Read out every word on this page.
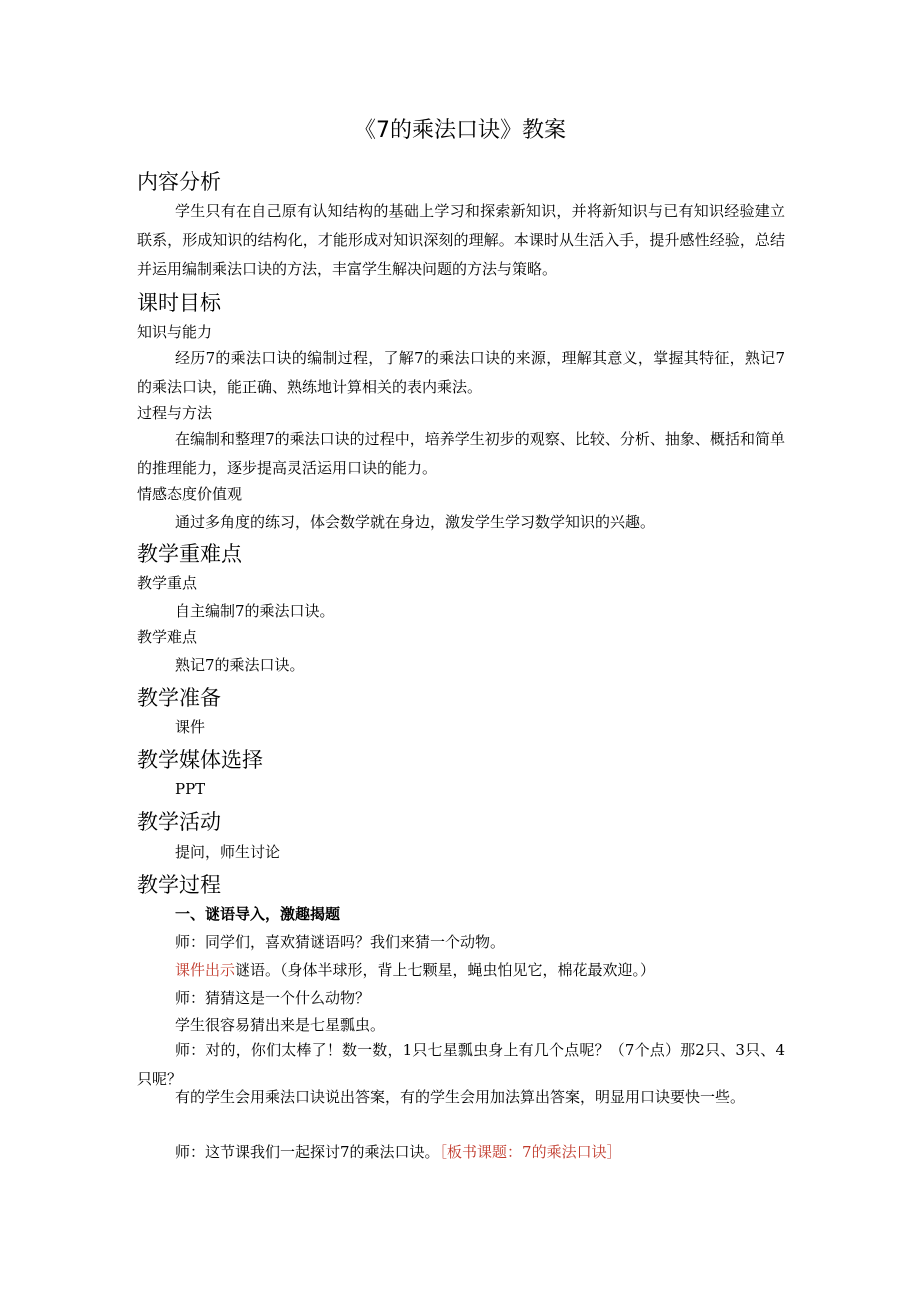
《7的乘法口诀》教案
内容分析
学生只有在自己原有认知结构的基础上学习和探索新知识，并将新知识与已有知识经验建立联系，形成知识的结构化，才能形成对知识深刻的理解。本课时从生活入手，提升感性经验，总结并运用编制乘法口诀的方法，丰富学生解决问题的方法与策略。
课时目标
知识与能力
经历7的乘法口诀的编制过程，了解7的乘法口诀的来源，理解其意义，掌握其特征，熟记7的乘法口诀，能正确、熟练地计算相关的表内乘法。
过程与方法
在编制和整理7的乘法口诀的过程中，培养学生初步的观察、比较、分析、抽象、概括和简单的推理能力，逐步提高灵活运用口诀的能力。
情感态度价值观
通过多角度的练习，体会数学就在身边，激发学生学习数学知识的兴趣。
教学重难点
教学重点
自主编制7的乘法口诀。
教学难点
熟记7的乘法口诀。
教学准备
课件
教学媒体选择
PPT
教学活动
提问，师生讨论
教学过程
一、谜语导入，激趣揭题
师：同学们，喜欢猜谜语吗？我们来猜一个动物。
课件出示谜语。（身体半球形，背上七颗星，蝇虫怕见它，棉花最欢迎。）
师：猜猜这是一个什么动物？
学生很容易猜出来是七星瓢虫。
师：对的，你们太棒了！数一数，1只七星瓢虫身上有几个点呢？（7个点）那2只、3只、4只呢？
有的学生会用乘法口诀说出答案，有的学生会用加法算出答案，明显用口诀要快一些。
师：这节课我们一起探讨7的乘法口诀。［板书课题：7的乘法口诀］
